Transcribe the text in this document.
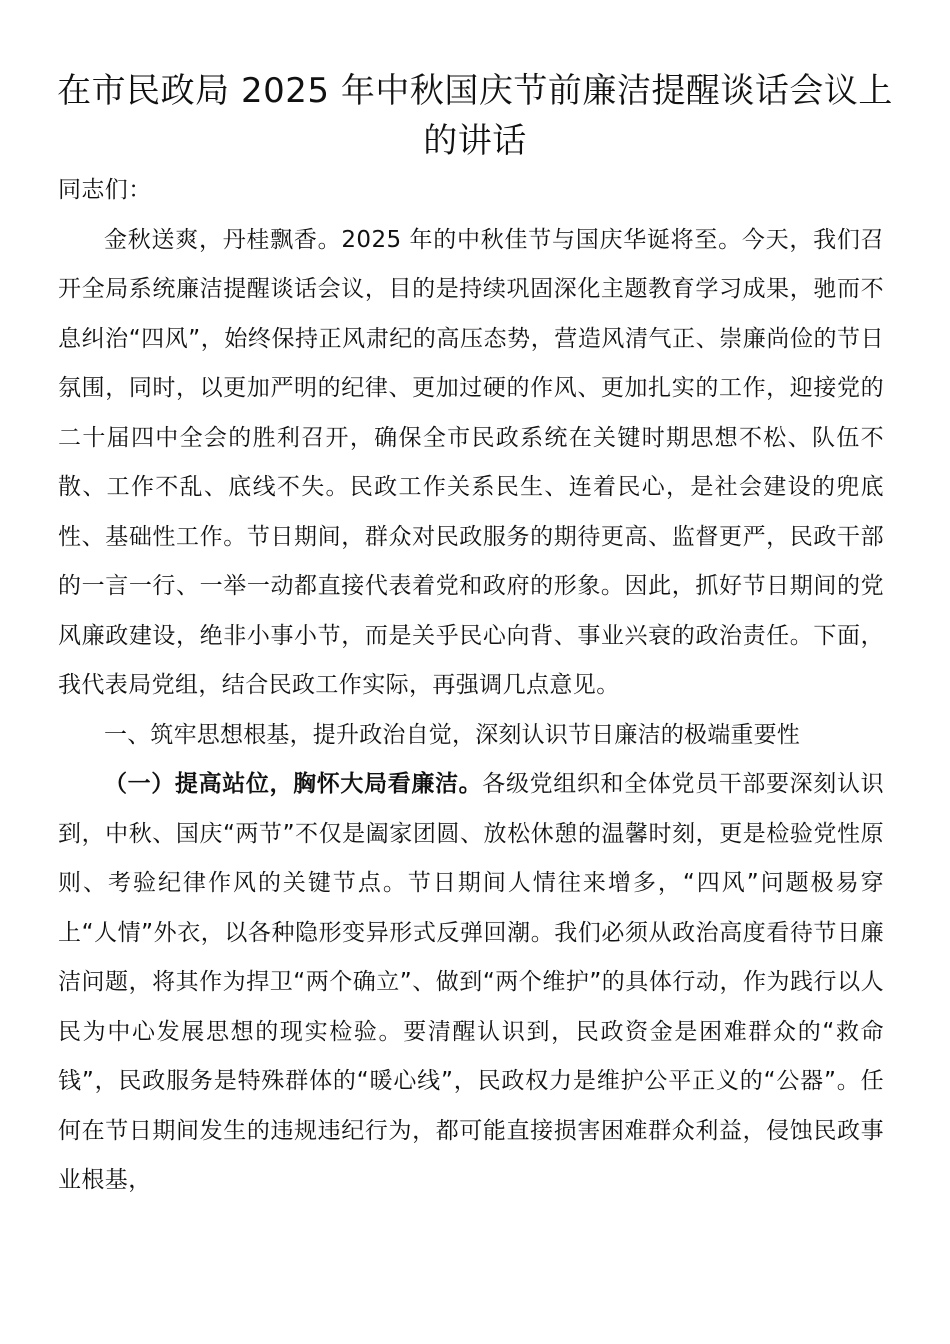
在市民政局 2025 年中秋国庆节前廉洁提醒谈话会议上的讲话

同志们：

金秋送爽，丹桂飘香。2025 年的中秋佳节与国庆华诞将至。今天，我们召开全局系统廉洁提醒谈话会议，目的是持续巩固深化主题教育学习成果，驰而不息纠治“四风”，始终保持正风肃纪的高压态势，营造风清气正、崇廉尚俭的节日氛围，同时，以更加严明的纪律、更加过硬的作风、更加扎实的工作，迎接党的二十届四中全会的胜利召开，确保全市民政系统在关键时期思想不松、队伍不散、工作不乱、底线不失。民政工作关系民生、连着民心，是社会建设的兜底性、基础性工作。节日期间，群众对民政服务的期待更高、监督更严，民政干部的一言一行、一举一动都直接代表着党和政府的形象。因此，抓好节日期间的党风廉政建设，绝非小事小节，而是关乎民心向背、事业兴衰的政治责任。下面，我代表局党组，结合民政工作实际，再强调几点意见。

一、筑牢思想根基，提升政治自觉，深刻认识节日廉洁的极端重要性

（一）提高站位，胸怀大局看廉洁。各级党组织和全体党员干部要深刻认识到，中秋、国庆“两节”不仅是阖家团圆、放松休憩的温馨时刻，更是检验党性原则、考验纪律作风的关键节点。节日期间人情往来增多，“四风”问题极易穿上“人情”外衣，以各种隐形变异形式反弹回潮。我们必须从政治高度看待节日廉洁问题，将其作为捍卫“两个确立”、做到“两个维护”的具体行动，作为践行以人民为中心发展思想的现实检验。要清醒认识到，民政资金是困难群众的“救命钱”，民政服务是特殊群体的“暖心线”，民政权力是维护公平正义的“公器”。任何在节日期间发生的违规违纪行为，都可能直接损害困难群众利益，侵蚀民政事业根基，
